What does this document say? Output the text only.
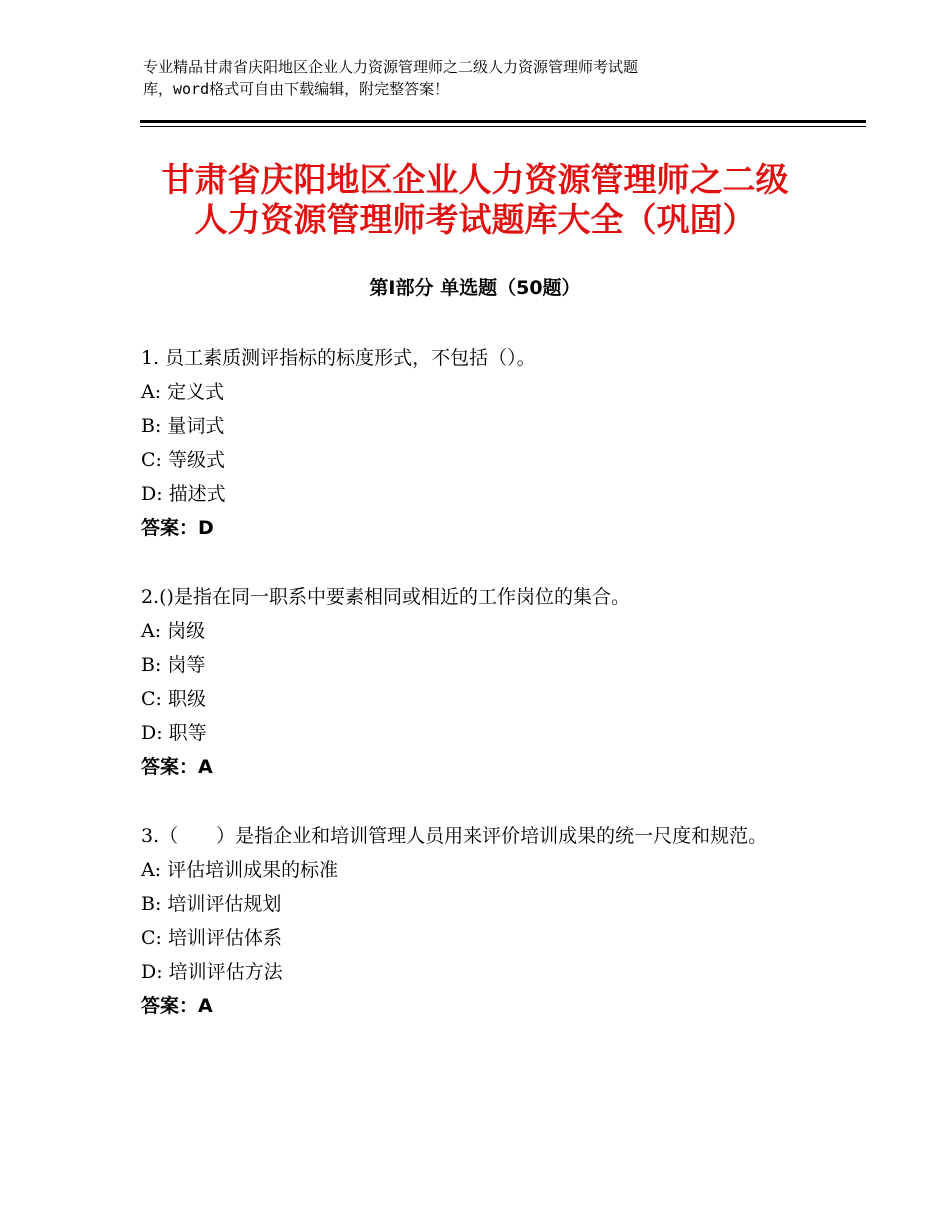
专业精品甘肃省庆阳地区企业人力资源管理师之二级人力资源管理师考试题
库，word格式可自由下载编辑，附完整答案！
甘肃省庆阳地区企业人力资源管理师之二级
人力资源管理师考试题库大全（巩固）
第Ⅰ部分 单选题（50题）

1. 员工素质测评指标的标度形式，不包括（）。

A: 定义式

B: 量词式

C: 等级式

D: 描述式

答案：D

2.()是指在同一职系中要素相同或相近的工作岗位的集合。

A: 岗级

B: 岗等

C: 职级

D: 职等

答案：A

3.（　　）是指企业和培训管理人员用来评价培训成果的统一尺度和规范。

A: 评估培训成果的标准

B: 培训评估规划

C: 培训评估体系

D: 培训评估方法

答案：A
